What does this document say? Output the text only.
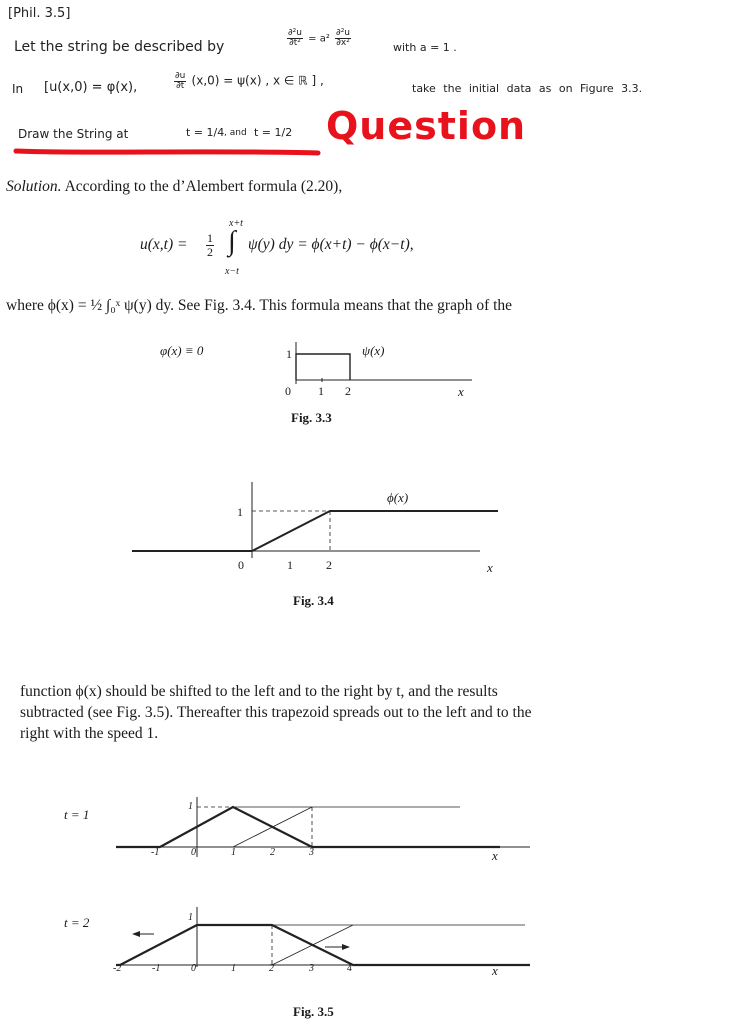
[Phil. 3.5]
Let the string be described by	$\frac{\text{∂²u}}{\text{∂t²}} = a^2 \frac{\text{∂²u}}{\text{∂x²}}$	with a = 1 .
In [u(x,0) = φ(x),	$\frac{\partial u}{\partial t} (x,0) = \psi(x)$ , x ∈ ℝ ] ,
take the initial data as on Figure 3.3.
Draw the String at	t = 1/4 , and t = 1/2 Question
Solution. According to the d’Alembert formula (2.20),
$u(x,t) = \frac{1}{2}$
x+t
∫
x−t
ψ(y) dy = ϕ(x+t) − ϕ(x−t),
where ϕ(x) = ½ ∫₀ˣ ψ(y) dy. See Fig. 3.4. This formula means that the graph of the
φ(x) ≡ 0	ψ(x)
1
0 1 2	x
Fig. 3.3
ϕ(x)
1
0	1	2	x
Fig. 3.4
function ϕ(x) should be shifted to the left and to the right by t, and the results
subtracted (see Fig. 3.5). Thereafter this trapezoid spreads out to the left and to the
right with the speed 1.
t = 1
1
-1	0	1	2	3	x
t = 2	1
-2	-1	0	1	2	3	4	x
Fig. 3.5
